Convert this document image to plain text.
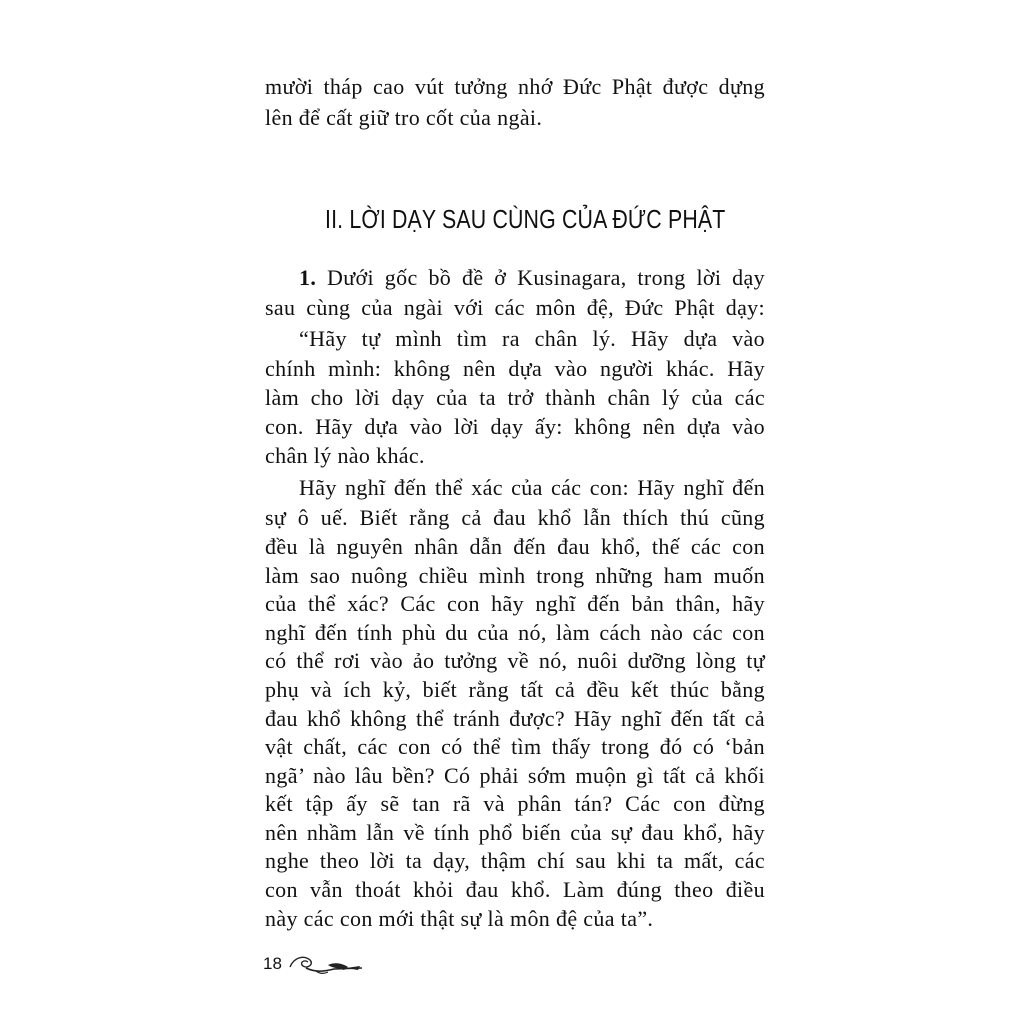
mười tháp cao vút tưởng nhớ Đức Phật được dựng
lên để cất giữ tro cốt của ngài.
II. LỜI DẠY SAU CÙNG CỦA ĐỨC PHẬT
1. Dưới gốc bồ đề ở Kusinagara, trong lời dạy
sau cùng của ngài với các môn đệ, Đức Phật dạy:
“Hãy tự mình tìm ra chân lý. Hãy dựa vào
chính mình: không nên dựa vào người khác. Hãy
làm cho lời dạy của ta trở thành chân lý của các
con. Hãy dựa vào lời dạy ấy: không nên dựa vào
chân lý nào khác.
Hãy nghĩ đến thể xác của các con: Hãy nghĩ đến
sự ô uế. Biết rằng cả đau khổ lẫn thích thú cũng
đều là nguyên nhân dẫn đến đau khổ, thế các con
làm sao nuông chiều mình trong những ham muốn
của thể xác? Các con hãy nghĩ đến bản thân, hãy
nghĩ đến tính phù du của nó, làm cách nào các con
có thể rơi vào ảo tưởng về nó, nuôi dưỡng lòng tự
phụ và ích kỷ, biết rằng tất cả đều kết thúc bằng
đau khổ không thể tránh được? Hãy nghĩ đến tất cả
vật chất, các con có thể tìm thấy trong đó có ‘bản
ngã’ nào lâu bền? Có phải sớm muộn gì tất cả khối
kết tập ấy sẽ tan rã và phân tán? Các con đừng
nên nhầm lẫn về tính phổ biến của sự đau khổ, hãy
nghe theo lời ta dạy, thậm chí sau khi ta mất, các
con vẫn thoát khỏi đau khổ. Làm đúng theo điều
này các con mới thật sự là môn đệ của ta”.
18
